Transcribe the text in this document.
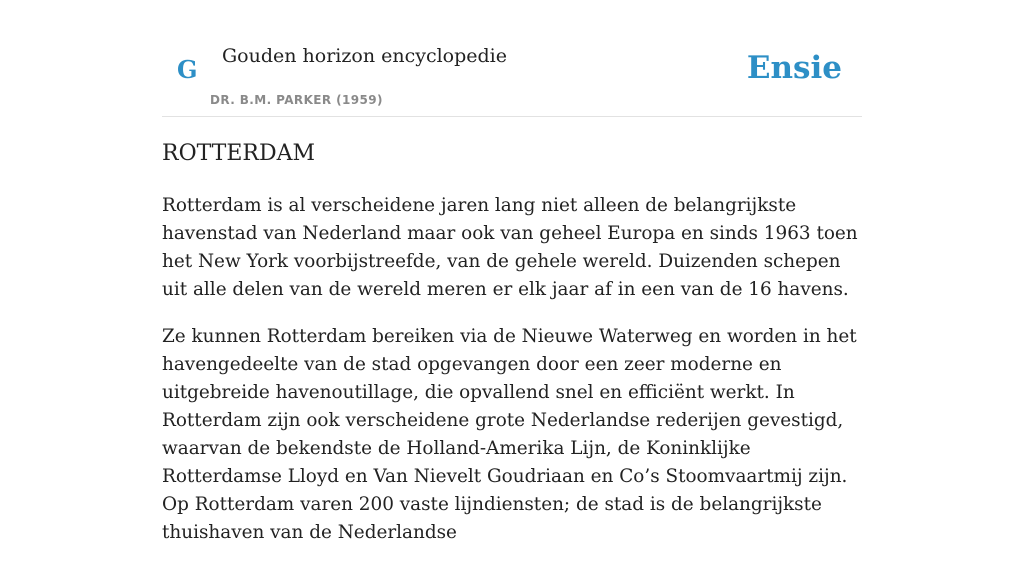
G Gouden horizon encyclopedie
DR. B.M. PARKER (1959)
Ensie
ROTTERDAM

Rotterdam is al verscheidene jaren lang niet alleen de belangrijkste havenstad van Nederland maar ook van geheel Europa en sinds 1963 toen het New York voorbijstreefde, van de gehele wereld. Duizenden schepen uit alle delen van de wereld meren er elk jaar af in een van de 16 havens.

Ze kunnen Rotterdam bereiken via de Nieuwe Waterweg en worden in het havengedeelte van de stad opgevangen door een zeer moderne en uitgebreide havenoutillage, die opvallend snel en efficiënt werkt. In Rotterdam zijn ook verscheidene grote Nederlandse rederijen gevestigd, waarvan de bekendste de Holland-Amerika Lijn, de Koninklijke Rotterdamse Lloyd en Van Nievelt Goudriaan en Co’s Stoomvaartmij zijn. Op Rotterdam varen 200 vaste lijndiensten; de stad is de belangrijkste thuishaven van de Nederlandse
